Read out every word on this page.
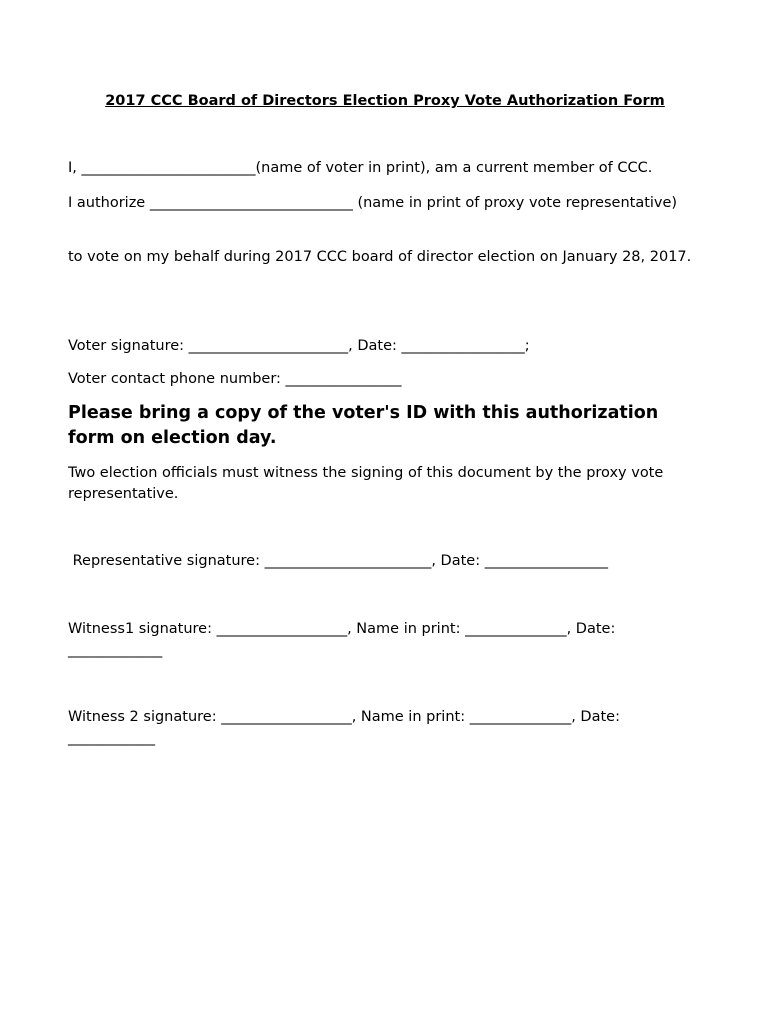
2017 CCC Board of Directors Election Proxy Vote Authorization Form

I, ________________________(name of voter in print), am a current member of CCC.

I authorize ____________________________ (name in print of proxy vote representative)

to vote on my behalf during 2017 CCC board of director election on January 28, 2017.

Voter signature: ______________________, Date: _________________;

Voter contact phone number: ________________

Please bring a copy of the voter's ID with this authorization form on election day.

Two election officials must witness the signing of this document by the proxy vote representative.

Representative signature: _______________________, Date: _________________

Witness1 signature: __________________, Name in print: ______________, Date: _____________

Witness 2 signature: __________________, Name in print: ______________, Date: ____________
